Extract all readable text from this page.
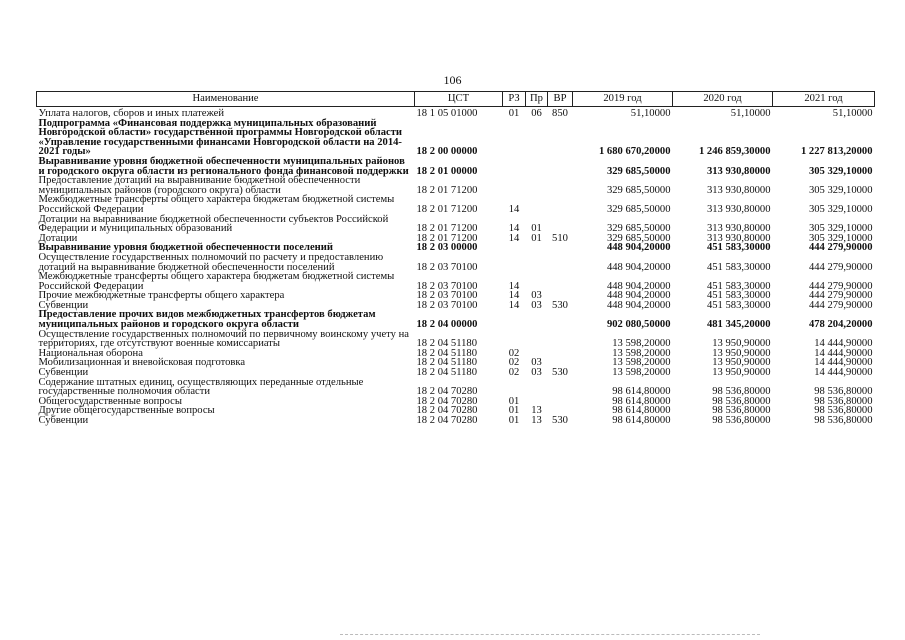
106
Наименование	ЦСТ	РЗ	Пр	ВР	2019 год	2020 год	2021 год
Уплата налогов, сборов и иных платежей	18 1 05 01000	01	06	850	51,10000	51,10000	51,10000
Подпрограмма «Финансовая поддержка муниципальных образований Новгородской области» государственной программы Новгородской области «Управление государственными финансами Новгородской области на 2014-2021 годы»	18 2 00 00000				1 680 670,20000	1 246 859,30000	1 227 813,20000
Выравнивание уровня бюджетной обеспеченности муниципальных районов и городского округа области из регионального фонда финансовой поддержки	18 2 01 00000				329 685,50000	313 930,80000	305 329,10000
Предоставление дотаций на выравнивание бюджетной обеспеченности муниципальных районов (городского округа) области	18 2 01 71200				329 685,50000	313 930,80000	305 329,10000
Межбюджетные трансферты общего характера бюджетам бюджетной системы Российской Федерации	18 2 01 71200	14			329 685,50000	313 930,80000	305 329,10000
Дотации на выравнивание бюджетной обеспеченности субъектов Российской Федерации и муниципальных образований	18 2 01 71200	14	01		329 685,50000	313 930,80000	305 329,10000
Дотации	18 2 01 71200	14	01	510	329 685,50000	313 930,80000	305 329,10000
Выравнивание уровня бюджетной обеспеченности поселений	18 2 03 00000				448 904,20000	451 583,30000	444 279,90000
Осуществление государственных полномочий по расчету и предоставлению дотаций на выравнивание бюджетной обеспеченности поселений	18 2 03 70100				448 904,20000	451 583,30000	444 279,90000
Межбюджетные трансферты общего характера бюджетам бюджетной системы Российской Федерации	18 2 03 70100	14			448 904,20000	451 583,30000	444 279,90000
Прочие межбюджетные трансферты общего характера	18 2 03 70100	14	03		448 904,20000	451 583,30000	444 279,90000
Субвенции	18 2 03 70100	14	03	530	448 904,20000	451 583,30000	444 279,90000
Предоставление прочих видов межбюджетных трансфертов бюджетам муниципальных районов и городского округа области	18 2 04 00000				902 080,50000	481 345,20000	478 204,20000
Осуществление государственных полномочий по первичному воинскому учету на территориях, где отсутствуют военные комиссариаты	18 2 04 51180				13 598,20000	13 950,90000	14 444,90000
Национальная оборона	18 2 04 51180	02			13 598,20000	13 950,90000	14 444,90000
Мобилизационная и вневойсковая подготовка	18 2 04 51180	02	03		13 598,20000	13 950,90000	14 444,90000
Субвенции	18 2 04 51180	02	03	530	13 598,20000	13 950,90000	14 444,90000
Содержание штатных единиц, осуществляющих переданные отдельные государственные полномочия области	18 2 04 70280				98 614,80000	98 536,80000	98 536,80000
Общегосударственные вопросы	18 2 04 70280	01			98 614,80000	98 536,80000	98 536,80000
Другие общегосударственные вопросы	18 2 04 70280	01	13		98 614,80000	98 536,80000	98 536,80000
Субвенции	18 2 04 70280	01	13	530	98 614,80000	98 536,80000	98 536,80000
